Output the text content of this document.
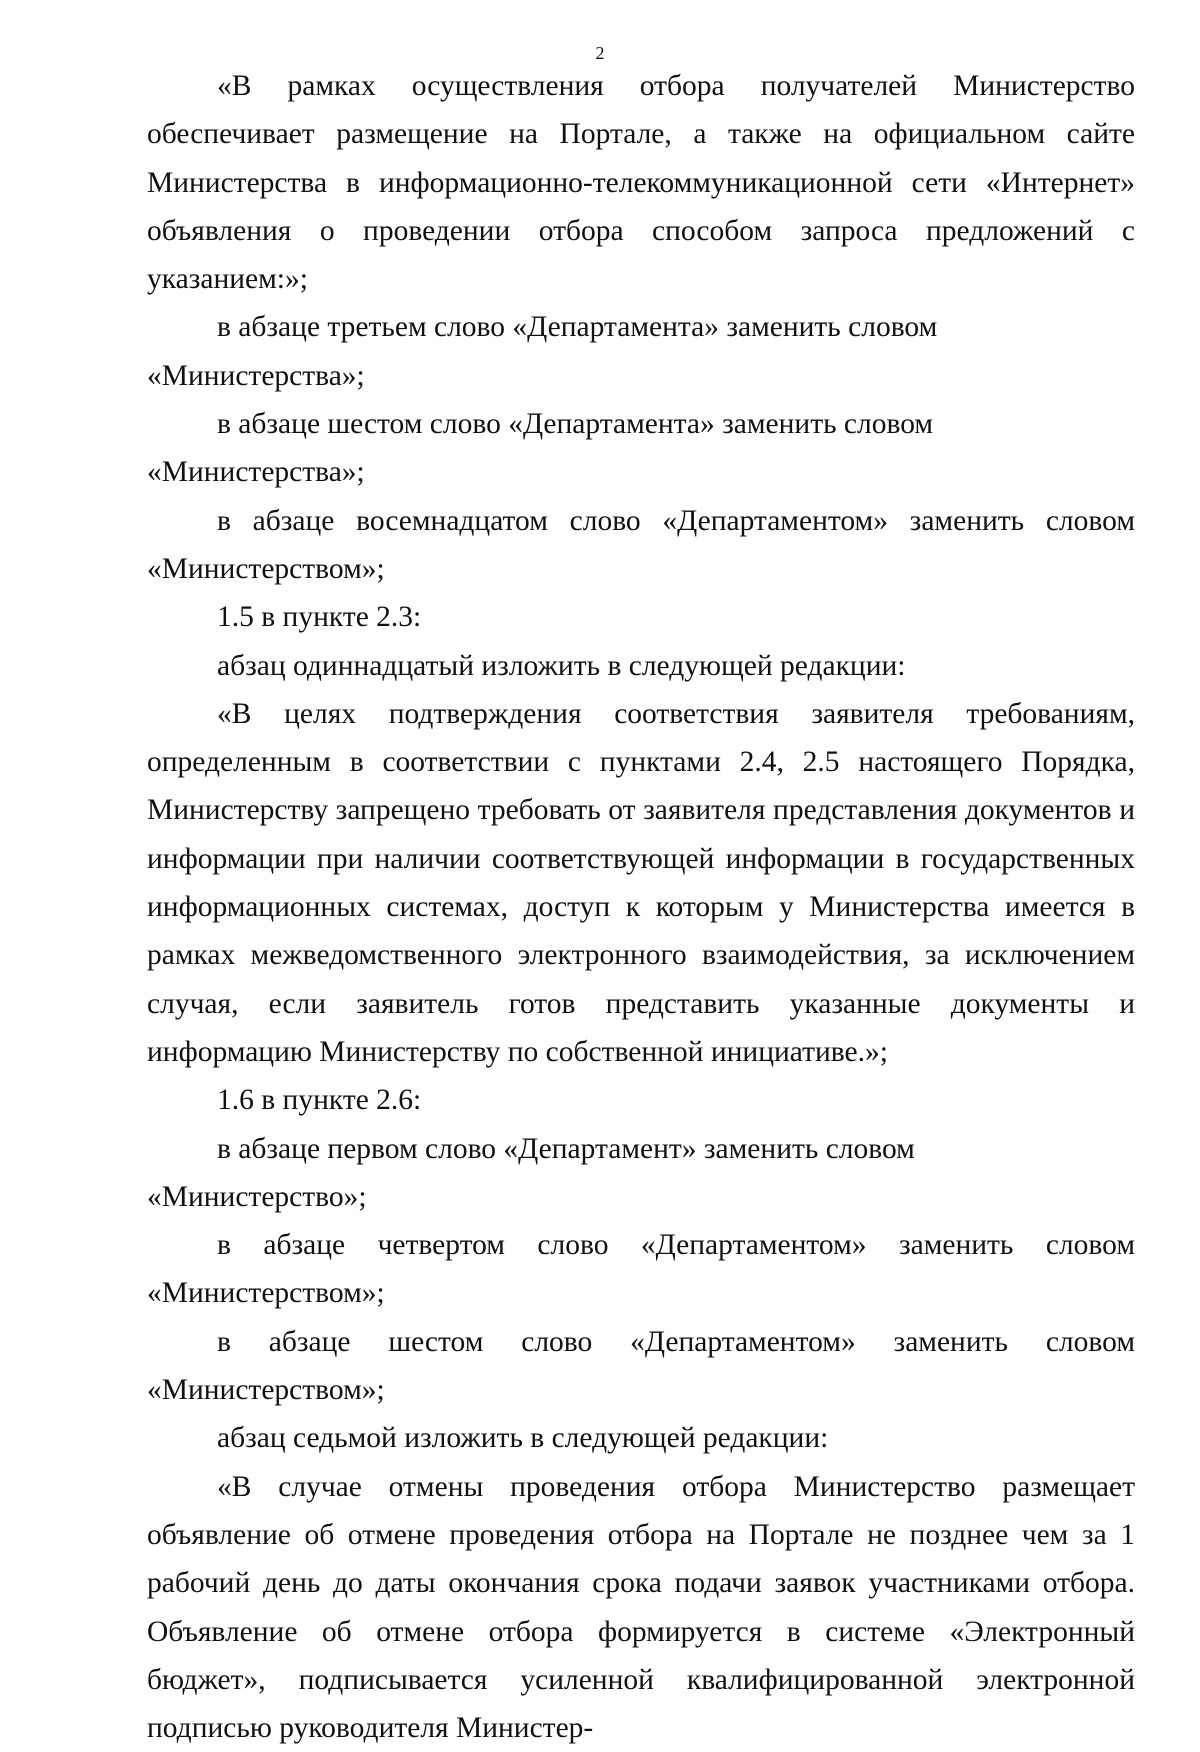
2

«В рамках осуществления отбора получателей Министерство обеспечивает размещение на Портале, а также на официальном сайте Министерства в информационно-телекоммуникационной сети «Интернет» объявления о проведении отбора способом запроса предложений с указанием:»;

в абзаце третьем слово «Департамента» заменить словом «Министерства»;

в абзаце шестом слово «Департамента» заменить словом «Министерства»;

в абзаце восемнадцатом слово «Департаментом» заменить словом «Министерством»;

1.5 в пункте 2.3:

абзац одиннадцатый изложить в следующей редакции:

«В целях подтверждения соответствия заявителя требованиям, определенным в соответствии с пунктами 2.4, 2.5 настоящего Порядка, Министерству запрещено требовать от заявителя представления документов и информации при наличии соответствующей информации в государственных информационных системах, доступ к которым у Министерства имеется в рамках межведомственного электронного взаимодействия, за исключением случая, если заявитель готов представить указанные документы и информацию Министерству по собственной инициативе.»;

1.6 в пункте 2.6:

в абзаце первом слово «Департамент» заменить словом «Министерство»;

в абзаце четвертом слово «Департаментом» заменить словом «Министерством»;

в абзаце шестом слово «Департаментом» заменить словом «Министерством»;

абзац седьмой изложить в следующей редакции:

«В случае отмены проведения отбора Министерство размещает объявление об отмене проведения отбора на Портале не позднее чем за 1 рабочий день до даты окончания срока подачи заявок участниками отбора. Объявление об отмене отбора формируется в системе «Электронный бюджет», подписывается усиленной квалифицированной электронной подписью руководителя Министер-
